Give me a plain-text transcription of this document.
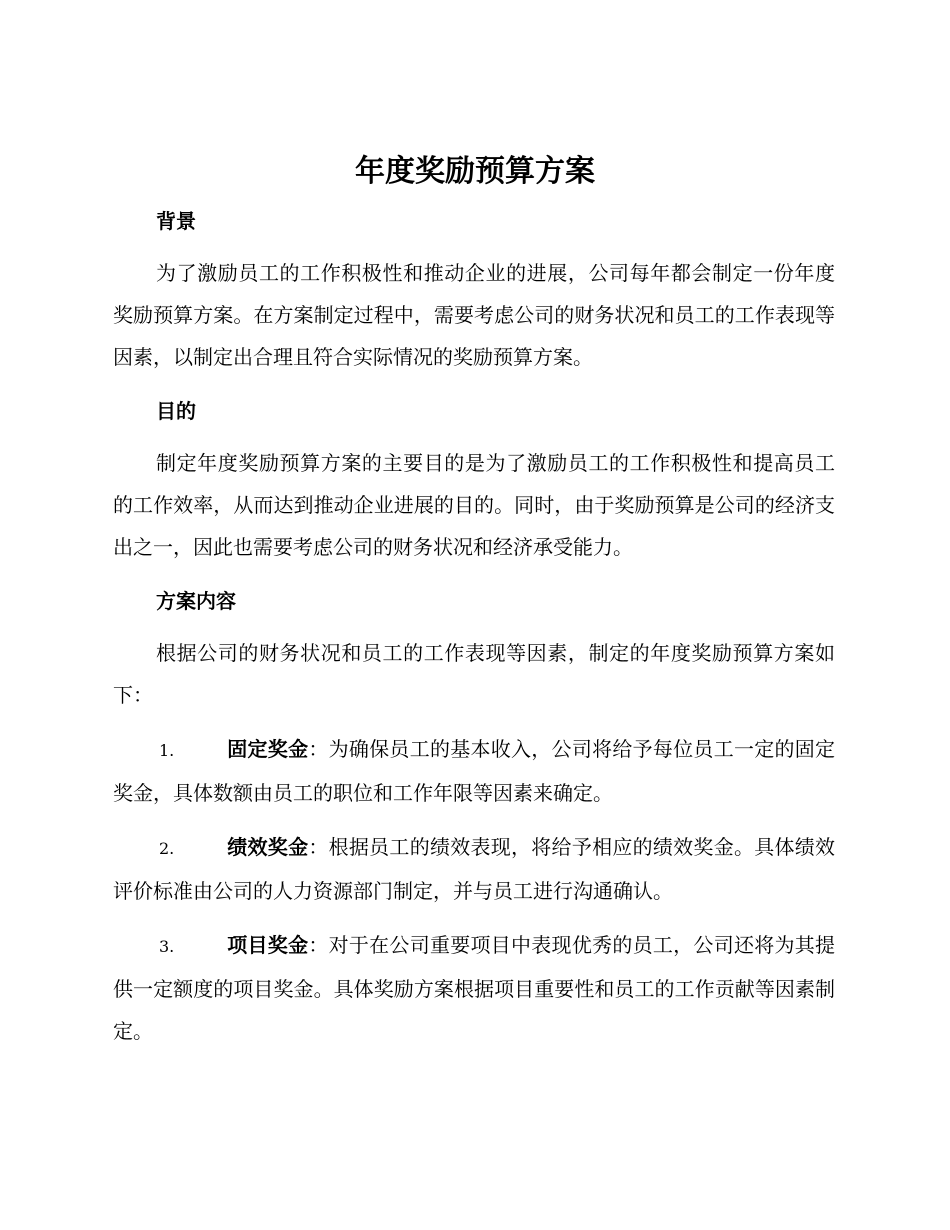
年度奖励预算方案

背景

为了激励员工的工作积极性和推动企业的进展，公司每年都会制定一份年度奖励预算方案。在方案制定过程中，需要考虑公司的财务状况和员工的工作表现等因素，以制定出合理且符合实际情况的奖励预算方案。

目的

制定年度奖励预算方案的主要目的是为了激励员工的工作积极性和提高员工的工作效率，从而达到推动企业进展的目的。同时，由于奖励预算是公司的经济支出之一，因此也需要考虑公司的财务状况和经济承受能力。

方案内容

根据公司的财务状况和员工的工作表现等因素，制定的年度奖励预算方案如下：

1.	固定奖金：为确保员工的基本收入，公司将给予每位员工一定的固定奖金，具体数额由员工的职位和工作年限等因素来确定。

2.	绩效奖金：根据员工的绩效表现，将给予相应的绩效奖金。具体绩效评价标准由公司的人力资源部门制定，并与员工进行沟通确认。

3.	项目奖金：对于在公司重要项目中表现优秀的员工，公司还将为其提供一定额度的项目奖金。具体奖励方案根据项目重要性和员工的工作贡献等因素制定。
